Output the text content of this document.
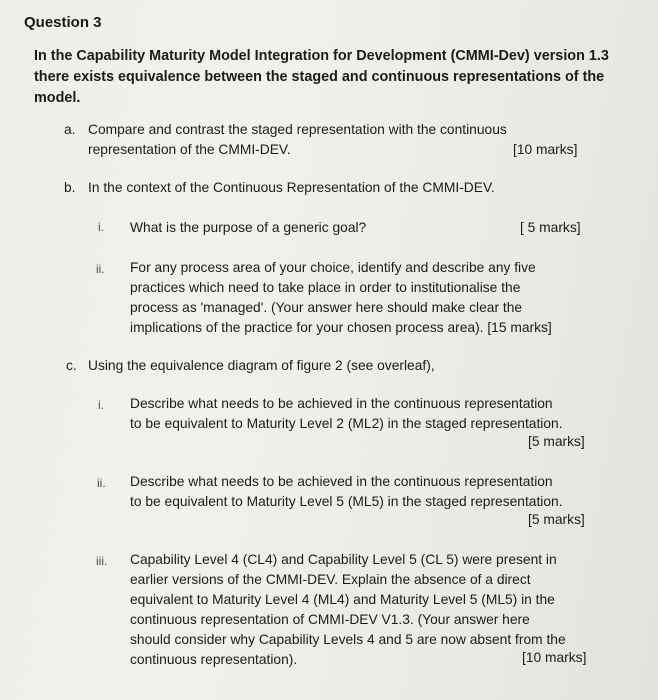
Question 3
In the Capability Maturity Model Integration for Development (CMMI-Dev) version 1.3
there exists equivalence between the staged and continuous representations of the
model.
a. Compare and contrast the staged representation with the continuous
representation of the CMMI-DEV.	[10 marks]
b. In the context of the Continuous Representation of the CMMI-DEV.
i. What is the purpose of a generic goal?	[ 5 marks]
ii. For any process area of your choice, identify and describe any five
practices which need to take place in order to institutionalise the
process as 'managed'. (Your answer here should make clear the
implications of the practice for your chosen process area). [15 marks]
c. Using the equivalence diagram of figure 2 (see overleaf),
i. Describe what needs to be achieved in the continuous representation
to be equivalent to Maturity Level 2 (ML2) in the staged representation.
[5 marks]
ii. Describe what needs to be achieved in the continuous representation
to be equivalent to Maturity Level 5 (ML5) in the staged representation.
[5 marks]
iii. Capability Level 4 (CL4) and Capability Level 5 (CL 5) were present in
earlier versions of the CMMI-DEV. Explain the absence of a direct
equivalent to Maturity Level 4 (ML4) and Maturity Level 5 (ML5) in the
continuous representation of CMMI-DEV V1.3. (Your answer here
should consider why Capability Levels 4 and 5 are now absent from the
continuous representation).	[10 marks]
